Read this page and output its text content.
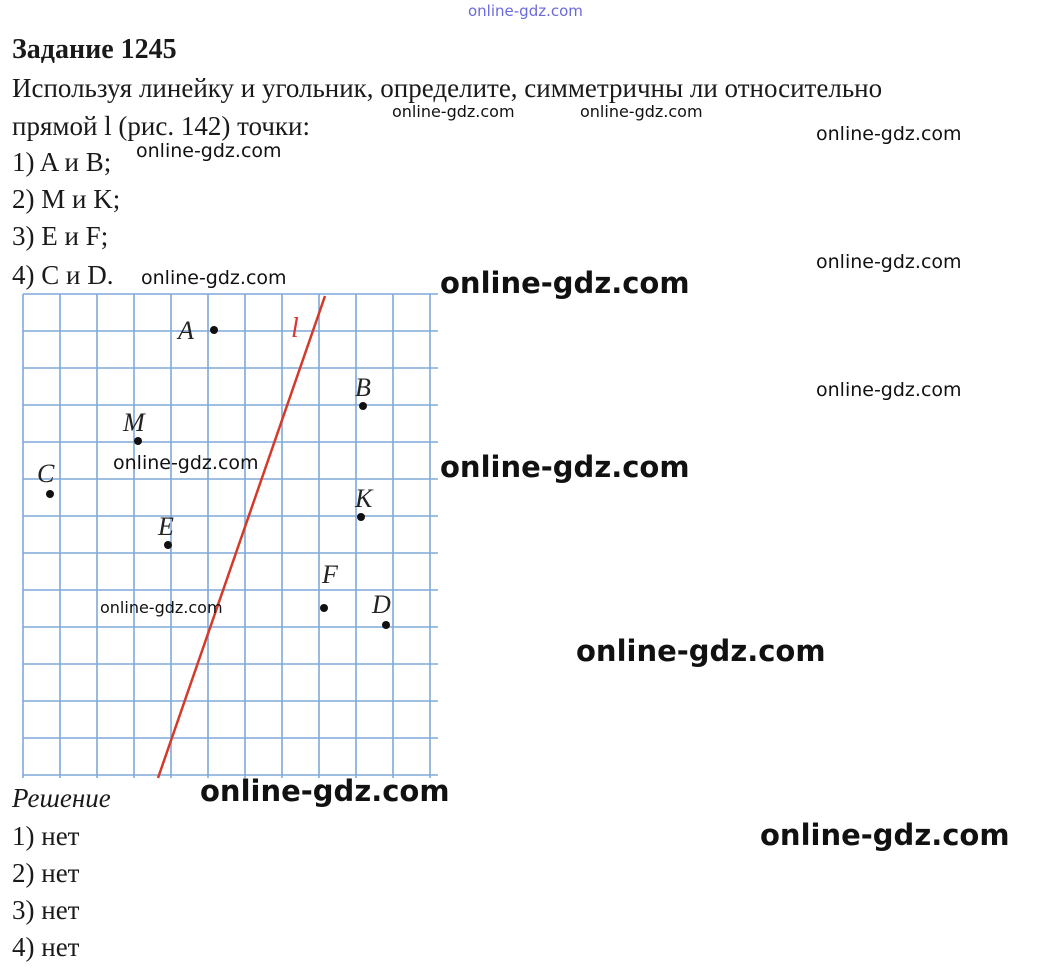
online-gdz.com
Задание 1245
Используя линейку и угольник, определите, симметричны ли относительно
прямой l (рис. 142) точки:
1) A и B;
2) M и K;
3) E и F;
4) C и D.
l
A
B
M
C
K
E
F
D
Решение
1) нет
2) нет
3) нет
4) нет
online-gdz.com	online-gdz.com
online-gdz.com
online-gdz.com
online-gdz.com
online-gdz.com	online-gdz.com
online-gdz.com
online-gdz.com	online-gdz.com
online-gdz.com
online-gdz.com
online-gdz.com
online-gdz.com
